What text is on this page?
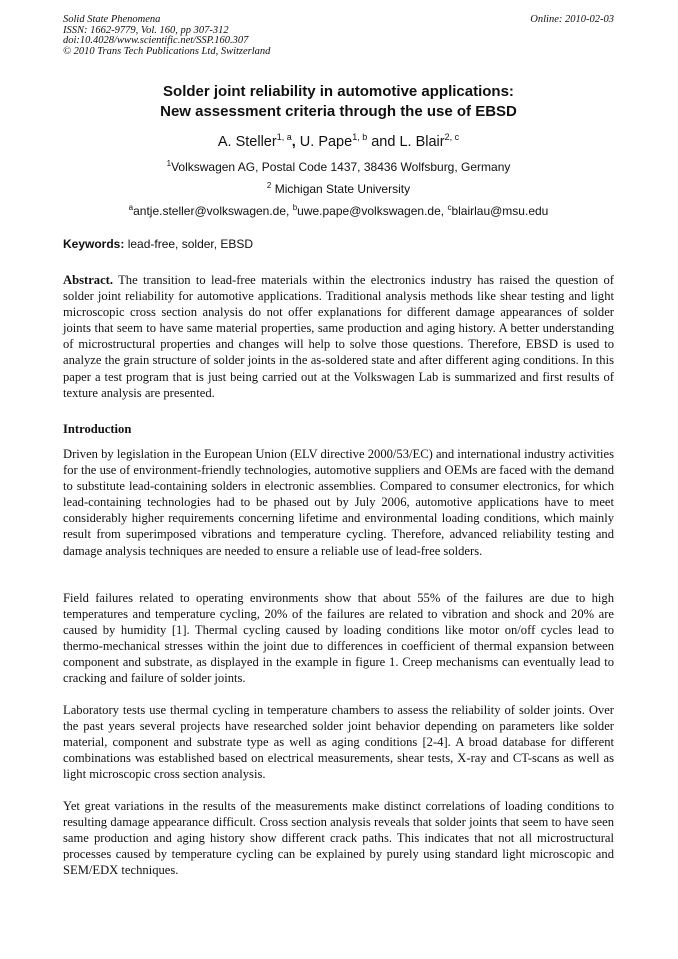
Solid State Phenomena
ISSN: 1662-9779, Vol. 160, pp 307-312
doi:10.4028/www.scientific.net/SSP.160.307
© 2010 Trans Tech Publications Ltd, Switzerland
Online: 2010-02-03
Solder joint reliability in automotive applications:
New assessment criteria through the use of EBSD
A. Steller$^{1, a}$, U. Pape$^{1, b}$ and L. Blair$^{2, c}$
$^1$Volkswagen AG, Postal Code 1437, 38436 Wolfsburg, Germany
$^2$ Michigan State University
$^a$antje.steller@volkswagen.de, $^b$uwe.pape@volkswagen.de, $^c$blairlau@msu.edu
Keywords: lead-free, solder, EBSD

Abstract. The transition to lead-free materials within the electronics industry has raised the question of solder joint reliability for automotive applications. Traditional analysis methods like shear testing and light microscopic cross section analysis do not offer explanations for different damage appearances of solder joints that seem to have same material properties, same production and aging history. A better understanding of microstructural properties and changes will help to solve those questions. Therefore, EBSD is used to analyze the grain structure of solder joints in the as-soldered state and after different aging conditions. In this paper a test program that is just being carried out at the Volkswagen Lab is summarized and first results of texture analysis are presented.

Introduction

Driven by legislation in the European Union (ELV directive 2000/53/EC) and international industry activities for the use of environment-friendly technologies, automotive suppliers and OEMs are faced with the demand to substitute lead-containing solders in electronic assemblies. Compared to consumer electronics, for which lead-containing technologies had to be phased out by July 2006, automotive applications have to meet considerably higher requirements concerning lifetime and environmental loading conditions, which mainly result from superimposed vibrations and temperature cycling. Therefore, advanced reliability testing and damage analysis techniques are needed to ensure a reliable use of lead-free solders.

Field failures related to operating environments show that about 55% of the failures are due to high temperatures and temperature cycling, 20% of the failures are related to vibration and shock and 20% are caused by humidity [1]. Thermal cycling caused by loading conditions like motor on/off cycles lead to thermo-mechanical stresses within the joint due to differences in coefficient of thermal expansion between component and substrate, as displayed in the example in figure 1. Creep mechanisms can eventually lead to cracking and failure of solder joints.

Laboratory tests use thermal cycling in temperature chambers to assess the reliability of solder joints. Over the past years several projects have researched solder joint behavior depending on parameters like solder material, component and substrate type as well as aging conditions [2-4]. A broad database for different combinations was established based on electrical measurements, shear tests, X-ray and CT-scans as well as light microscopic cross section analysis.

Yet great variations in the results of the measurements make distinct correlations of loading conditions to resulting damage appearance difficult. Cross section analysis reveals that solder joints that seem to have seen same production and aging history show different crack paths. This indicates that not all microstructural processes caused by temperature cycling can be explained by purely using standard light microscopic and SEM/EDX techniques.
